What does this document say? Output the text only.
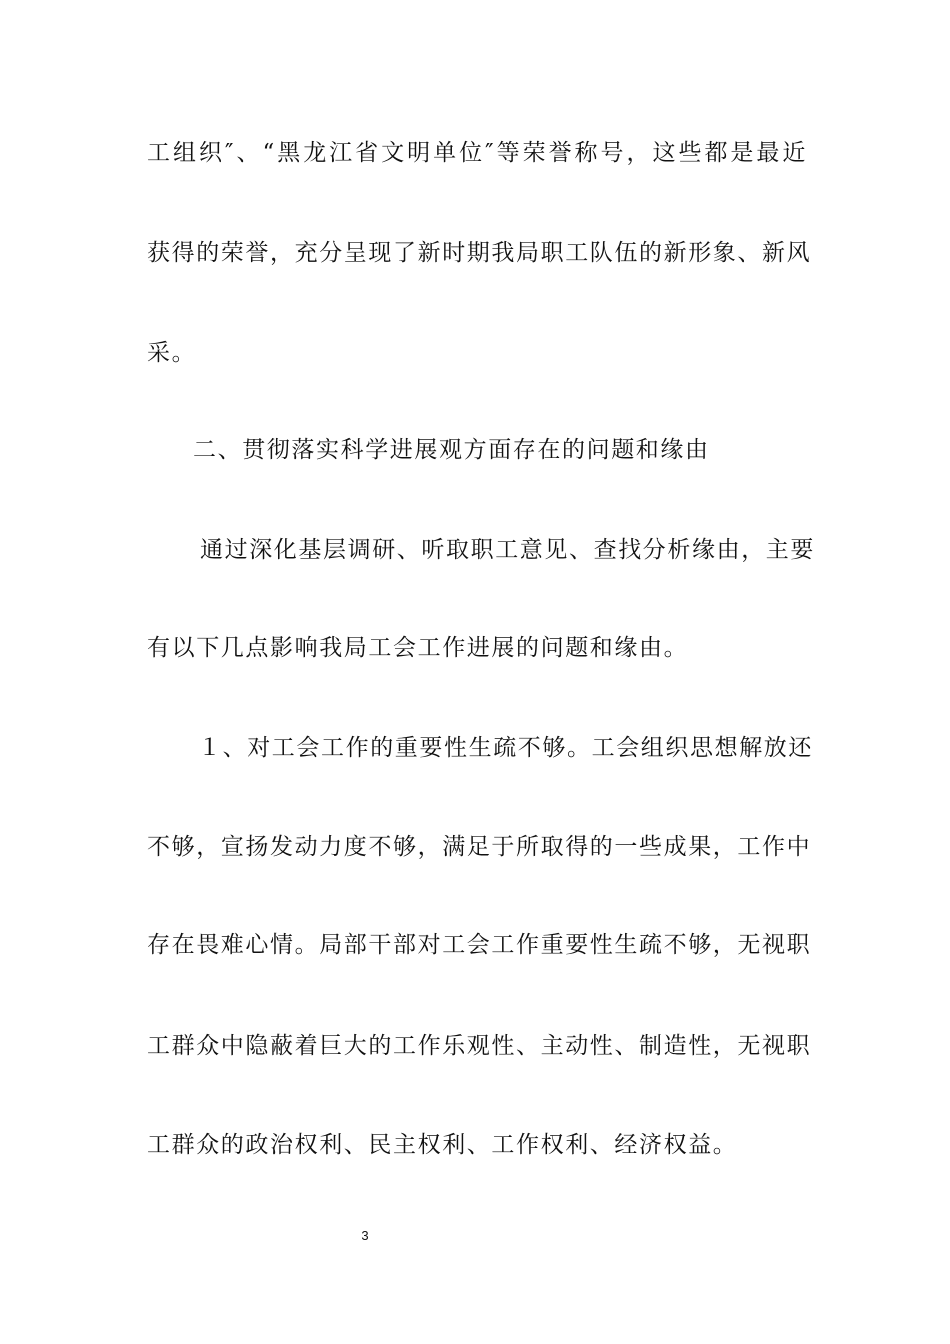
工组织″、“黑龙江省文明单位″等荣誉称号，这些都是最近
获得的荣誉，充分呈现了新时期我局职工队伍的新形象、新风
采。
二、贯彻落实科学进展观方面存在的问题和缘由
通过深化基层调研、听取职工意见、查找分析缘由，主要
有以下几点影响我局工会工作进展的问题和缘由。
１、对工会工作的重要性生疏不够。工会组织思想解放还
不够，宣扬发动力度不够，满足于所取得的一些成果，工作中
存在畏难心情。局部干部对工会工作重要性生疏不够，无视职
工群众中隐蔽着巨大的工作乐观性、主动性、制造性，无视职
工群众的政治权利、民主权利、工作权利、经济权益。
3
